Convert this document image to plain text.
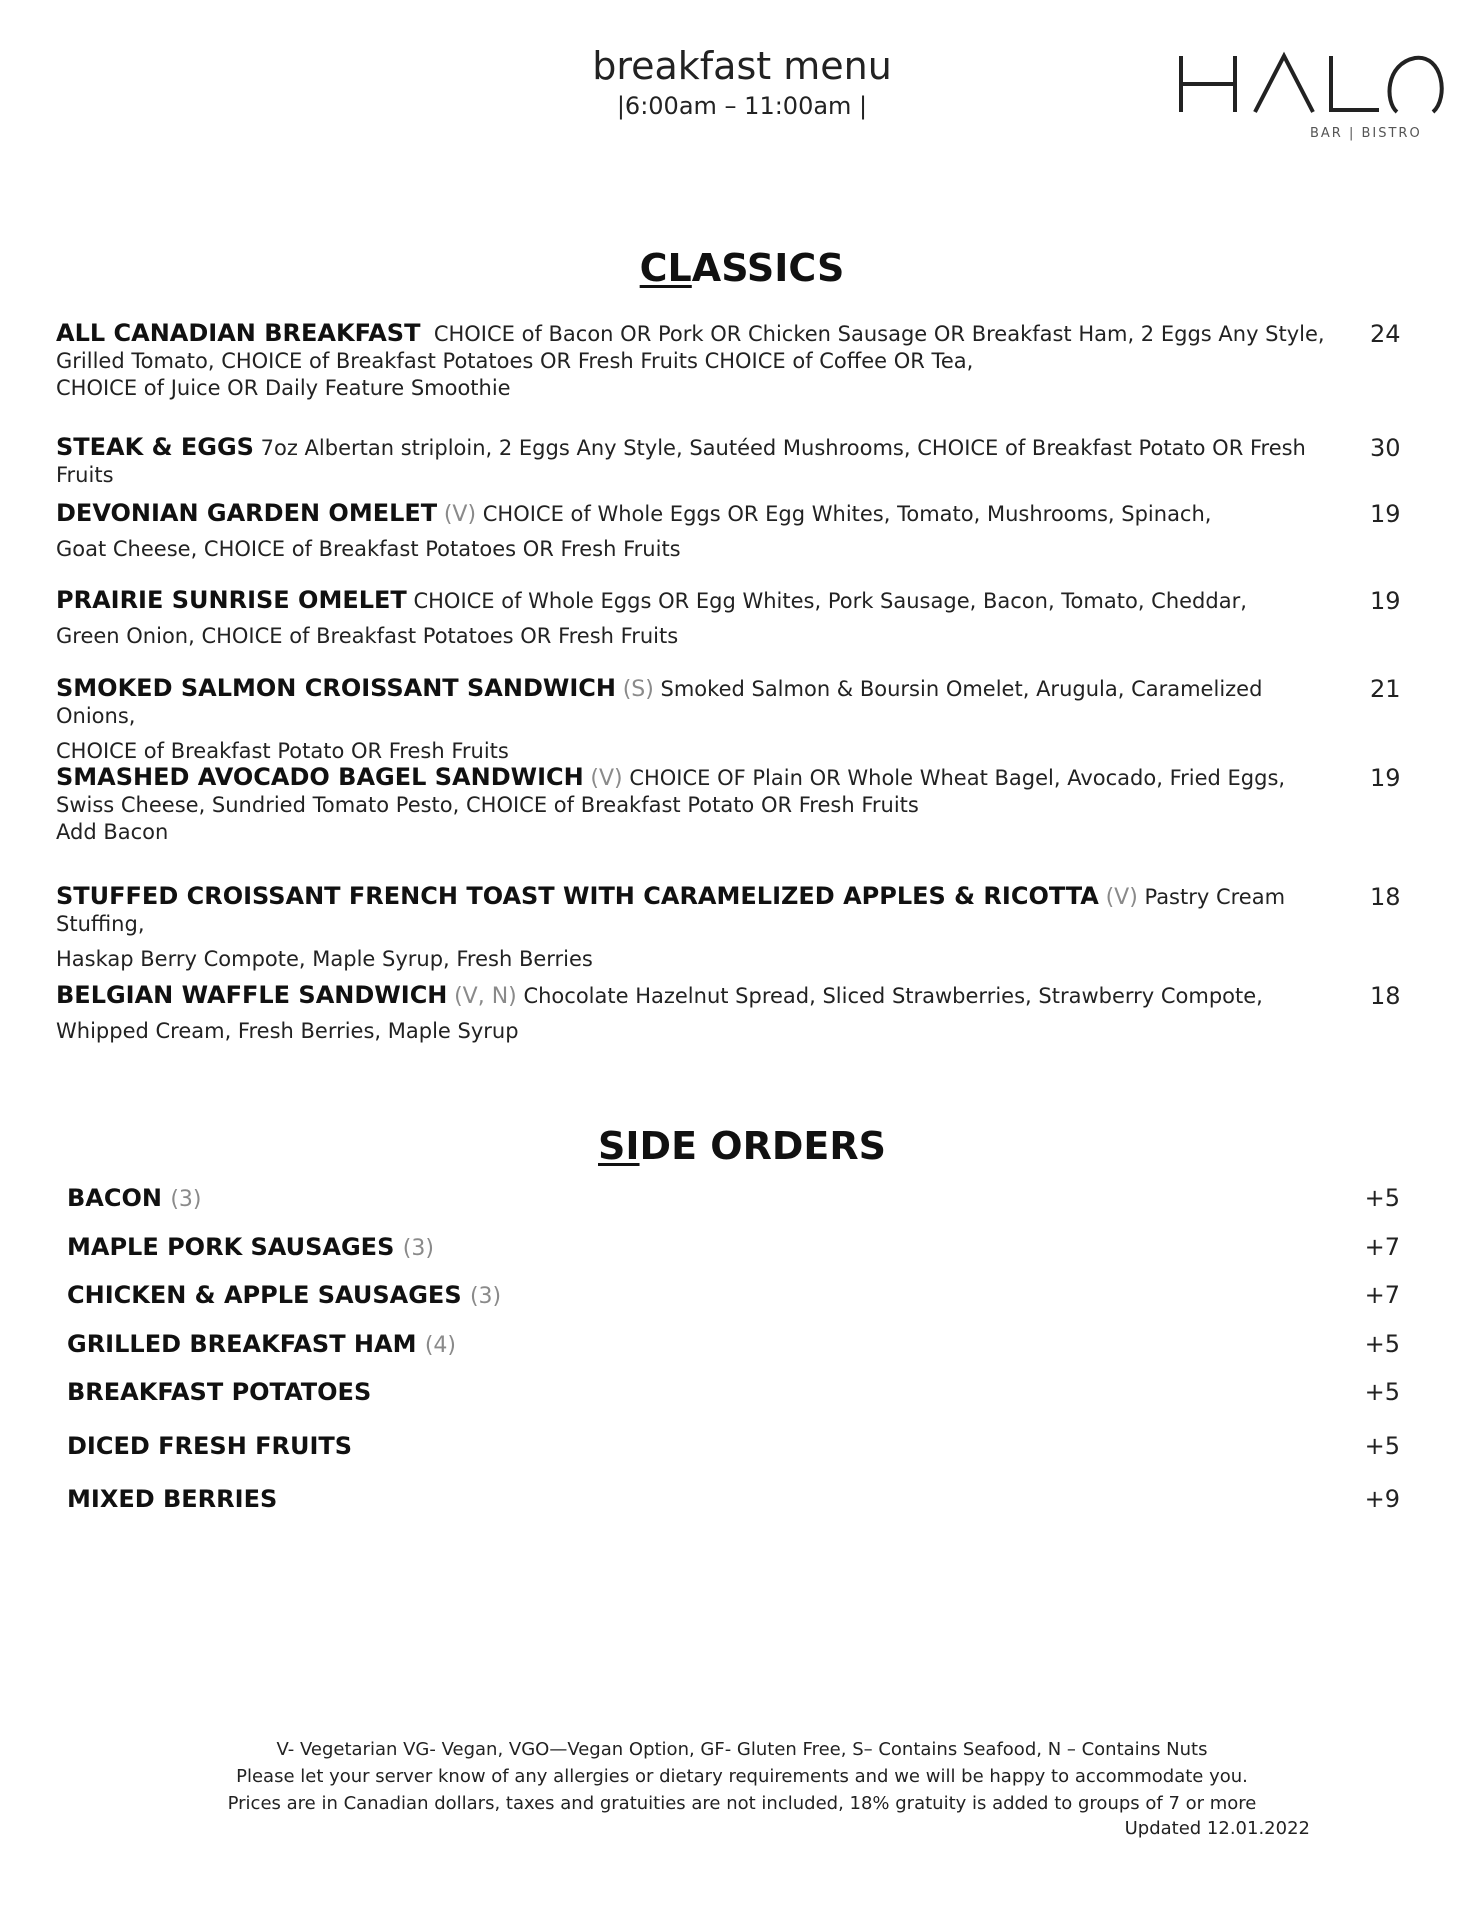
breakfast menu
|6:00am – 11:00am |
BAR | BISTRO
CLASSICS
ALL CANADIAN BREAKFAST CHOICE of Bacon OR Pork OR Chicken Sausage OR Breakfast Ham, 2 Eggs Any Style,
Grilled Tomato, CHOICE of Breakfast Potatoes OR Fresh Fruits CHOICE of Coffee OR Tea,
CHOICE of Juice OR Daily Feature Smoothie
24
STEAK & EGGS 7oz Albertan striploin, 2 Eggs Any Style, Sautéed Mushrooms, CHOICE of Breakfast Potato OR Fresh Fruits
30
DEVONIAN GARDEN OMELET (V) CHOICE of Whole Eggs OR Egg Whites, Tomato, Mushrooms, Spinach,
Goat Cheese, CHOICE of Breakfast Potatoes OR Fresh Fruits
19
PRAIRIE SUNRISE OMELET CHOICE of Whole Eggs OR Egg Whites, Pork Sausage, Bacon, Tomato, Cheddar,
Green Onion, CHOICE of Breakfast Potatoes OR Fresh Fruits
19
SMOKED SALMON CROISSANT SANDWICH (S) Smoked Salmon & Boursin Omelet, Arugula, Caramelized Onions,
CHOICE of Breakfast Potato OR Fresh Fruits
21
SMASHED AVOCADO BAGEL SANDWICH (V) CHOICE OF Plain OR Whole Wheat Bagel, Avocado, Fried Eggs,
Swiss Cheese, Sundried Tomato Pesto, CHOICE of Breakfast Potato OR Fresh Fruits
Add Bacon
19
STUFFED CROISSANT FRENCH TOAST WITH CARAMELIZED APPLES & RICOTTA (V) Pastry Cream Stuffing,
Haskap Berry Compote, Maple Syrup, Fresh Berries
18
BELGIAN WAFFLE SANDWICH (V, N) Chocolate Hazelnut Spread, Sliced Strawberries, Strawberry Compote,
Whipped Cream, Fresh Berries, Maple Syrup
18
SIDE ORDERS
BACON (3)	+5
MAPLE PORK SAUSAGES (3)	+7
CHICKEN & APPLE SAUSAGES (3)	+7
GRILLED BREAKFAST HAM (4)	+5
BREAKFAST POTATOES	+5
DICED FRESH FRUITS	+5
MIXED BERRIES	+9
V- Vegetarian VG- Vegan, VGO—Vegan Option, GF- Gluten Free, S– Contains Seafood, N – Contains Nuts
Please let your server know of any allergies or dietary requirements and we will be happy to accommodate you.
Prices are in Canadian dollars, taxes and gratuities are not included, 18% gratuity is added to groups of 7 or more
Updated 12.01.2022
